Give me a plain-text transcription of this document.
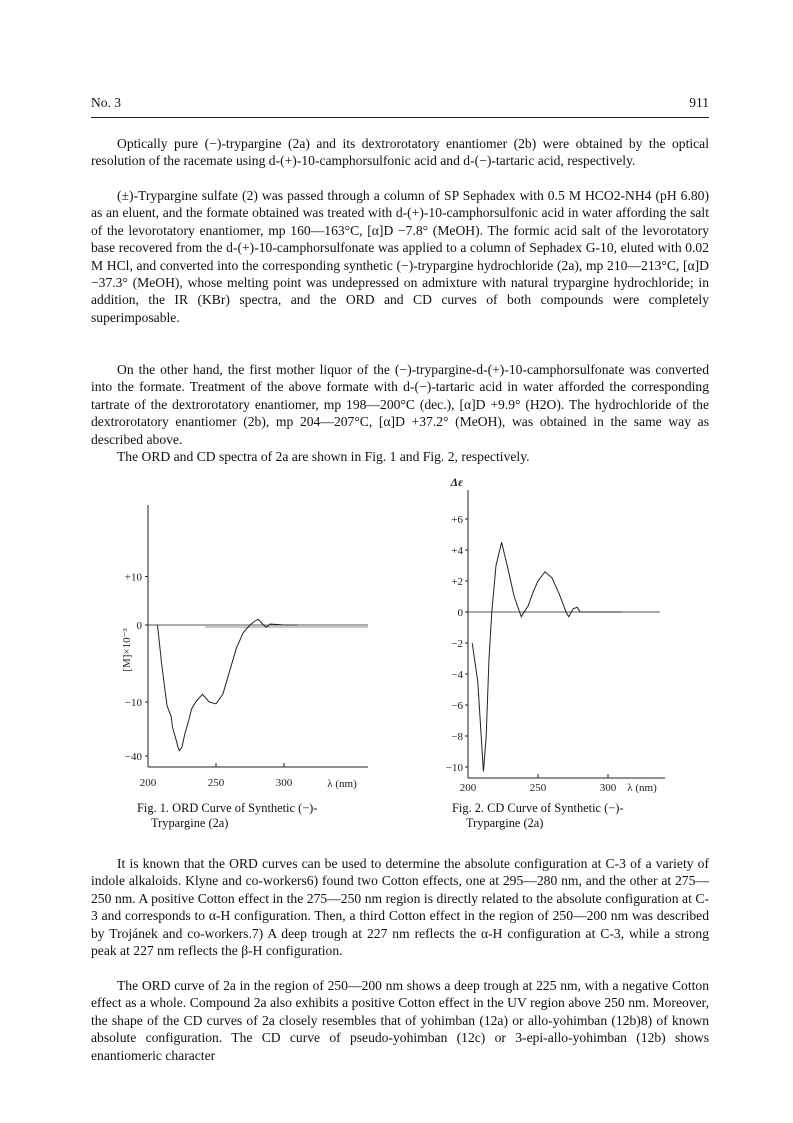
No. 3	911

Optically pure (−)-trypargine (2a) and its dextrorotatory enantiomer (2b) were obtained by the optical resolution of the racemate using d-(+)-10-camphorsulfonic acid and d-(−)-tartaric acid, respectively.

(±)-Trypargine sulfate (2) was passed through a column of SP Sephadex with 0.5 M HCO2-NH4 (pH 6.80) as an eluent, and the formate obtained was treated with d-(+)-10-camphorsulfonic acid in water affording the salt of the levorotatory enantiomer, mp 160—163°C, [α]D −7.8° (MeOH). The formic acid salt of the levorotatory base recovered from the d-(+)-10-camphorsulfonate was applied to a column of Sephadex G-10, eluted with 0.02 M HCl, and converted into the corresponding synthetic (−)-trypargine hydrochloride (2a), mp 210—213°C, [α]D −37.3° (MeOH), whose melting point was undepressed on admixture with natural trypargine hydrochloride; in addition, the IR (KBr) spectra, and the ORD and CD curves of both compounds were completely superimposable.

On the other hand, the first mother liquor of the (−)-trypargine-d-(+)-10-camphorsulfonate was converted into the formate. Treatment of the above formate with d-(−)-tartaric acid in water afforded the corresponding tartrate of the dextrorotatory enantiomer, mp 198—200°C (dec.), [α]D +9.9° (H2O). The hydrochloride of the dextrorotatory enantiomer (2b), mp 204—207°C, [α]D +37.2° (MeOH), was obtained in the same way as described above.

The ORD and CD spectra of 2a are shown in Fig. 1 and Fig. 2, respectively.

+10
0
−10
−40
200	250	300
[M]×10⁻³
λ (nm)
+6
+4
+2
0
−2
−4
−6
−8
−10
200	250	300
Δε
λ (nm)

Fig. 1. ORD Curve of Synthetic (−)-
Trypargine (2a)

Fig. 2. CD Curve of Synthetic (−)-
Trypargine (2a)

It is known that the ORD curves can be used to determine the absolute configuration at C-3 of a variety of indole alkaloids. Klyne and co-workers6) found two Cotton effects, one at 295—280 nm, and the other at 275—250 nm. A positive Cotton effect in the 275—250 nm region is directly related to the absolute configuration at C-3 and corresponds to α-H configuration. Then, a third Cotton effect in the region of 250—200 nm was described by Trojánek and co-workers.7) A deep trough at 227 nm reflects the α-H configuration at C-3, while a strong peak at 227 nm reflects the β-H configuration.

The ORD curve of 2a in the region of 250—200 nm shows a deep trough at 225 nm, with a negative Cotton effect as a whole. Compound 2a also exhibits a positive Cotton effect in the UV region above 250 nm. Moreover, the shape of the CD curves of 2a closely resembles that of yohimban (12a) or allo-yohimban (12b)8) of known absolute configuration. The CD curve of pseudo-yohimban (12c) or 3-epi-allo-yohimban (12b) shows enantiomeric character
